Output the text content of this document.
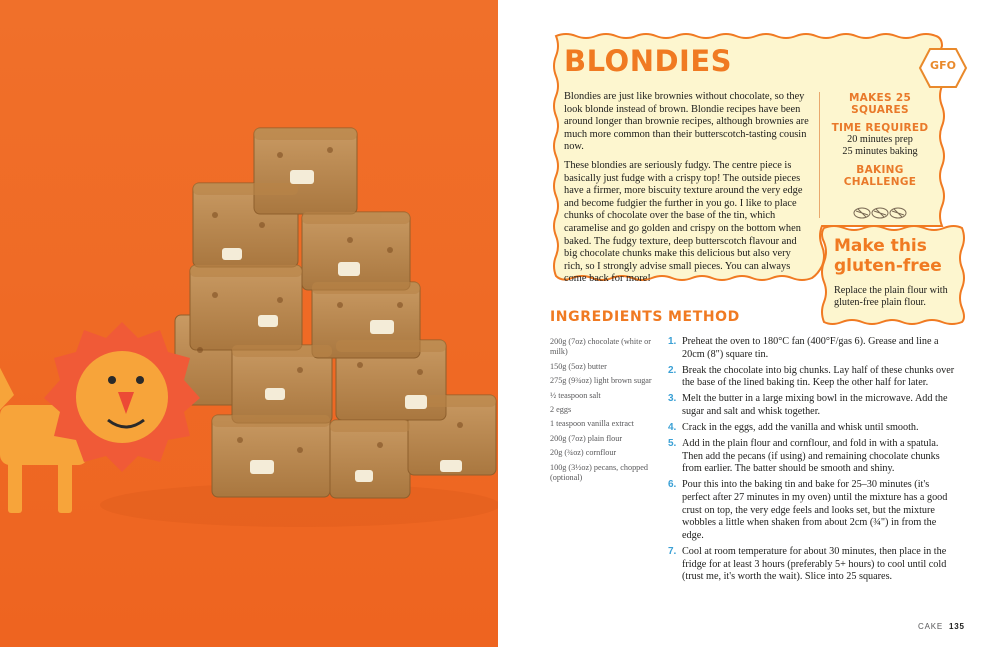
BLONDIES	GFO

Blondies are just like brownies without chocolate, so they look blonde instead of brown. Blondie recipes have been around longer than brownie recipes, although brownies are much more common than their butterscotch-tasting cousin now.

These blondies are seriously fudgy. The centre piece is basically just fudge with a crispy top! The outside pieces have a firmer, more biscuity texture around the very edge and become fudgier the further in you go. I like to place chunks of chocolate over the base of the tin, which caramelise and go golden and crispy on the bottom when baked. The fudgy texture, deep butterscotch flavour and big chocolate chunks make this delicious but also very rich, so I strongly advise small pieces. You can always come back for more!

MAKES 25 SQUARES

TIME REQUIRED

20 minutes prep

25 minutes baking

BAKING CHALLENGE

Make this gluten-free
Replace the plain flour with gluten-free plain flour.
INGREDIENTS
200g (7oz) chocolate (white or milk)
150g (5oz) butter
275g (9¾oz) light brown sugar
½ teaspoon salt
2 eggs
1 teaspoon vanilla extract
200g (7oz) plain flour
20g (¾oz) cornflour
100g (3½oz) pecans, chopped (optional)
METHOD
1. Preheat the oven to 180°C fan (400°F/gas 6). Grease and line a 20cm (8") square tin.
2. Break the chocolate into big chunks. Lay half of these chunks over the base of the lined baking tin. Keep the other half for later.
3. Melt the butter in a large mixing bowl in the microwave. Add the sugar and salt and whisk together.
4. Crack in the eggs, add the vanilla and whisk until smooth.
5. Add in the plain flour and cornflour, and fold in with a spatula. Then add the pecans (if using) and remaining chocolate chunks from earlier. The batter should be smooth and shiny.
6. Pour this into the baking tin and bake for 25–30 minutes (it's perfect after 27 minutes in my oven) until the mixture has a good crust on top, the very edge feels and looks set, but the mixture wobbles a little when shaken from about 2cm (¾") in from the edge.
7. Cool at room temperature for about 30 minutes, then place in the fridge for at least 3 hours (preferably 5+ hours) to cool until cold (trust me, it's worth the wait). Slice into 25 squares.
CAKE 135
